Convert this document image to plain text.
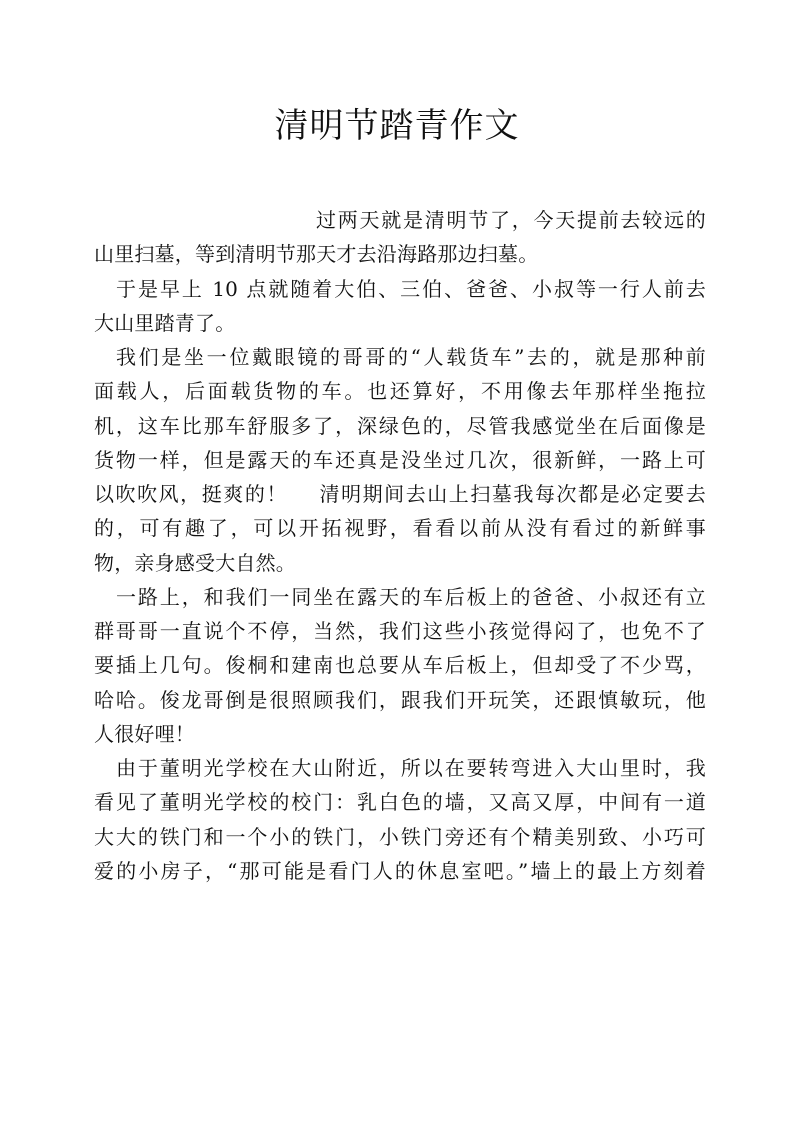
清明节踏青作文
过两天就是清明节了，今天提前去较远的
山里扫墓，等到清明节那天才去沿海路那边扫墓。
于是早上 10 点就随着大伯、三伯、爸爸、小叔等一行人前去
大山里踏青了。
我们是坐一位戴眼镜的哥哥的“人载货车”去的，就是那种前
面载人，后面载货物的车。也还算好，不用像去年那样坐拖拉
机，这车比那车舒服多了，深绿色的，尽管我感觉坐在后面像是
货物一样，但是露天的车还真是没坐过几次，很新鲜，一路上可
以吹吹风，挺爽的！    清明期间去山上扫墓我每次都是必定要去
的，可有趣了，可以开拓视野，看看以前从没有看过的新鲜事
物，亲身感受大自然。
一路上，和我们一同坐在露天的车后板上的爸爸、小叔还有立
群哥哥一直说个不停，当然，我们这些小孩觉得闷了，也免不了
要插上几句。俊桐和建南也总要从车后板上，但却受了不少骂，
哈哈。俊龙哥倒是很照顾我们，跟我们开玩笑，还跟慎敏玩，他
人很好哩！
由于董明光学校在大山附近，所以在要转弯进入大山里时，我
看见了董明光学校的校门：乳白色的墙，又高又厚，中间有一道
大大的铁门和一个小的铁门，小铁门旁还有个精美别致、小巧可
爱的小房子，“那可能是看门人的休息室吧。”墙上的最上方刻着
